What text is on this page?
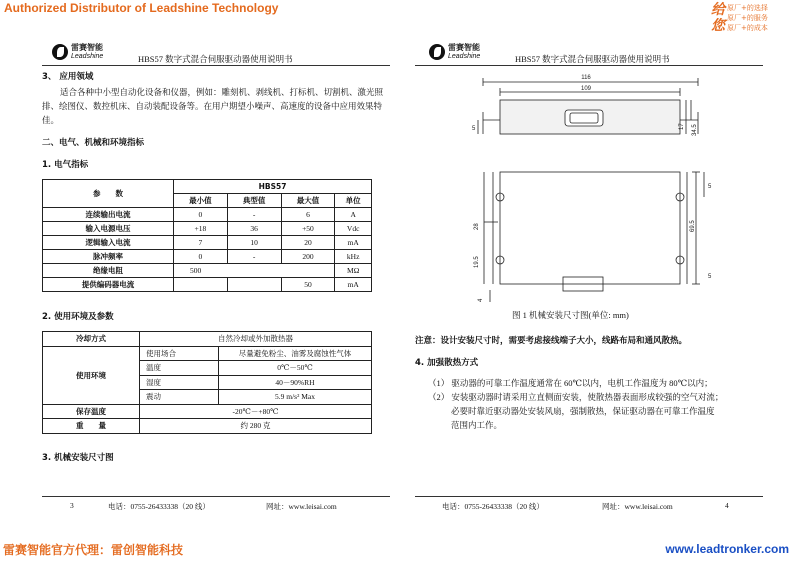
Authorized Distributor of Leadshine Technology	给
您
原厂+的选择
原厂+的服务
原厂+的成本
雷赛智能
Leadshine	HBS57 数字式混合伺服驱动器使用说明书
3、 应用领域
适合各种中小型自动化设备和仪器，例如：雕刻机、剥线机、打标机、切割机、激光照排、绘图仪、数控机床、自动装配设备等。在用户期望小噪声、高速度的设备中应用效果特佳。
二、电气、机械和环境指标
1. 电气指标
参　　数	HBS57			
	最小值	典型值	最大值	单位
连续输出电流	0	-	6	A
输入电源电压	+18	36	+50	Vdc
逻辑输入电流	7	10	20	mA
脉冲频率	0	-	200	kHz
绝缘电阻	500			MΩ
提供编码器电流			50	mA
2. 使用环境及参数
冷却方式	自然冷却或外加散热器	
使用环境	使用场合	尽量避免粉尘、油雾及腐蚀性气体
	温度	0℃－50℃
	湿度	40－90%RH
	震动	5.9 m/s² Max
保存温度	-20℃－+80℃	
重　　量	约 280 克	
3. 机械安装尺寸图
3	电话：0755-26433338（20 线）	网址：www.leisai.com
雷赛智能
Leadshine	HBS57 数字式混合伺服驱动器使用说明书
116
109
5	17 34.5
28
19.5
4
5
5
69.5
图 1 机械安装尺寸图(单位: mm)
注意：设计安装尺寸时，需要考虑接线端子大小，线路布局和通风散热。
4. 加强散热方式
（1） 驱动器的可靠工作温度通常在 60℃以内，电机工作温度为 80℃以内；
（2） 安装驱动器时请采用立直侧面安装，使散热器表面形成较强的空气对流；
必要时靠近驱动器处安装风扇，强制散热，保证驱动器在可靠工作温度
范围内工作。
电话：0755-26433338（20 线）	网址：www.leisai.com	4
雷赛智能官方代理：雷创智能科技	www.leadtronker.com
